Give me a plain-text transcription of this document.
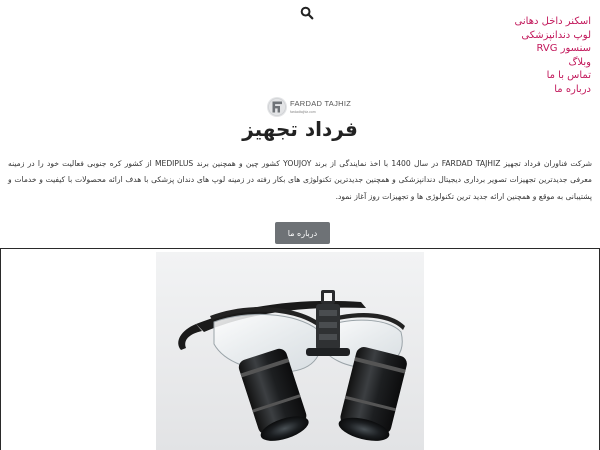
اسکنر داخل دهانی
لوپ دندانپزشکی
سنسور RVG
وبلاگ
تماس با ما
درباره ما
FARDAD TAJHIZ
fardadtajhiz.com
فرداد تجهیز

شرکت فناوران فرداد تجهیز FARDAD TAJHIZ در سال 1400 با اخذ نمایندگی از برند YOUJOY کشور چین و همچنین برند MEDIPLUS از کشور کره جنوبی فعالیت خود را در زمینه معرفی جدیدترین تجهیزات تصویر برداری دیجیتال دندانپزشکی و همچنین جدیدترین تکنولوژی های بکار رفته در زمینه لوپ های دندان پزشکی با هدف ارائه محصولات با کیفیت و خدمات و پشتیبانی به موقع و همچنین ارائه جدید ترین تکنولوژی ها و تجهیزات روز آغاز نمود.

درباره ما
